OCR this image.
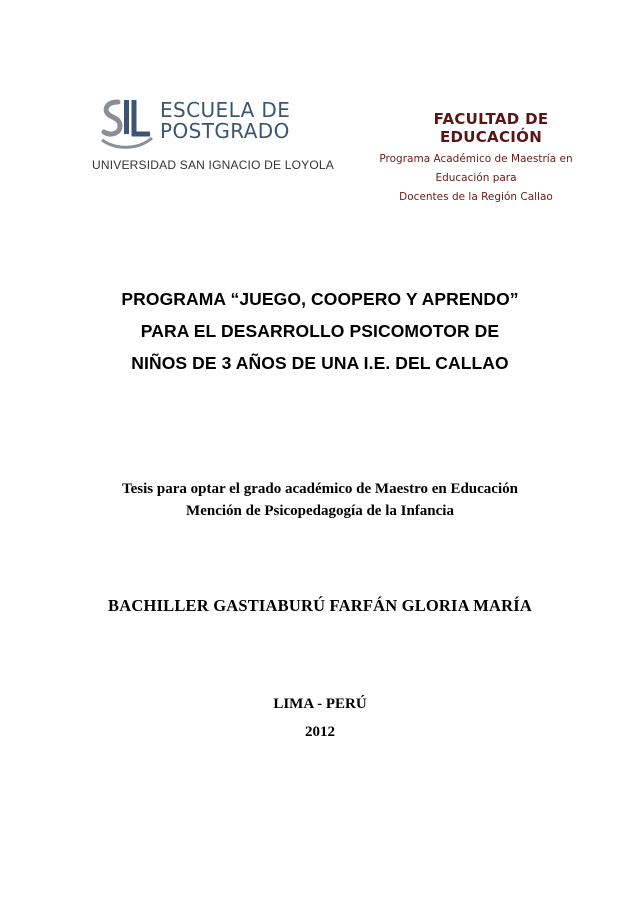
ESCUELA DE
POSTGRADO
UNIVERSIDAD SAN IGNACIO DE LOYOLA
FACULTAD DE EDUCACIÓN
Programa Académico de Maestría en Educación para
Docentes de la Región Callao
PROGRAMA “JUEGO, COOPERO Y APRENDO”
PARA EL DESARROLLO PSICOMOTOR DE
NIÑOS DE 3 AÑOS DE UNA I.E. DEL CALLAO
Tesis para optar el grado académico de Maestro en Educación
Mención de Psicopedagogía de la Infancia
BACHILLER GASTIABURÚ FARFÁN GLORIA MARÍA
LIMA - PERÚ
2012
